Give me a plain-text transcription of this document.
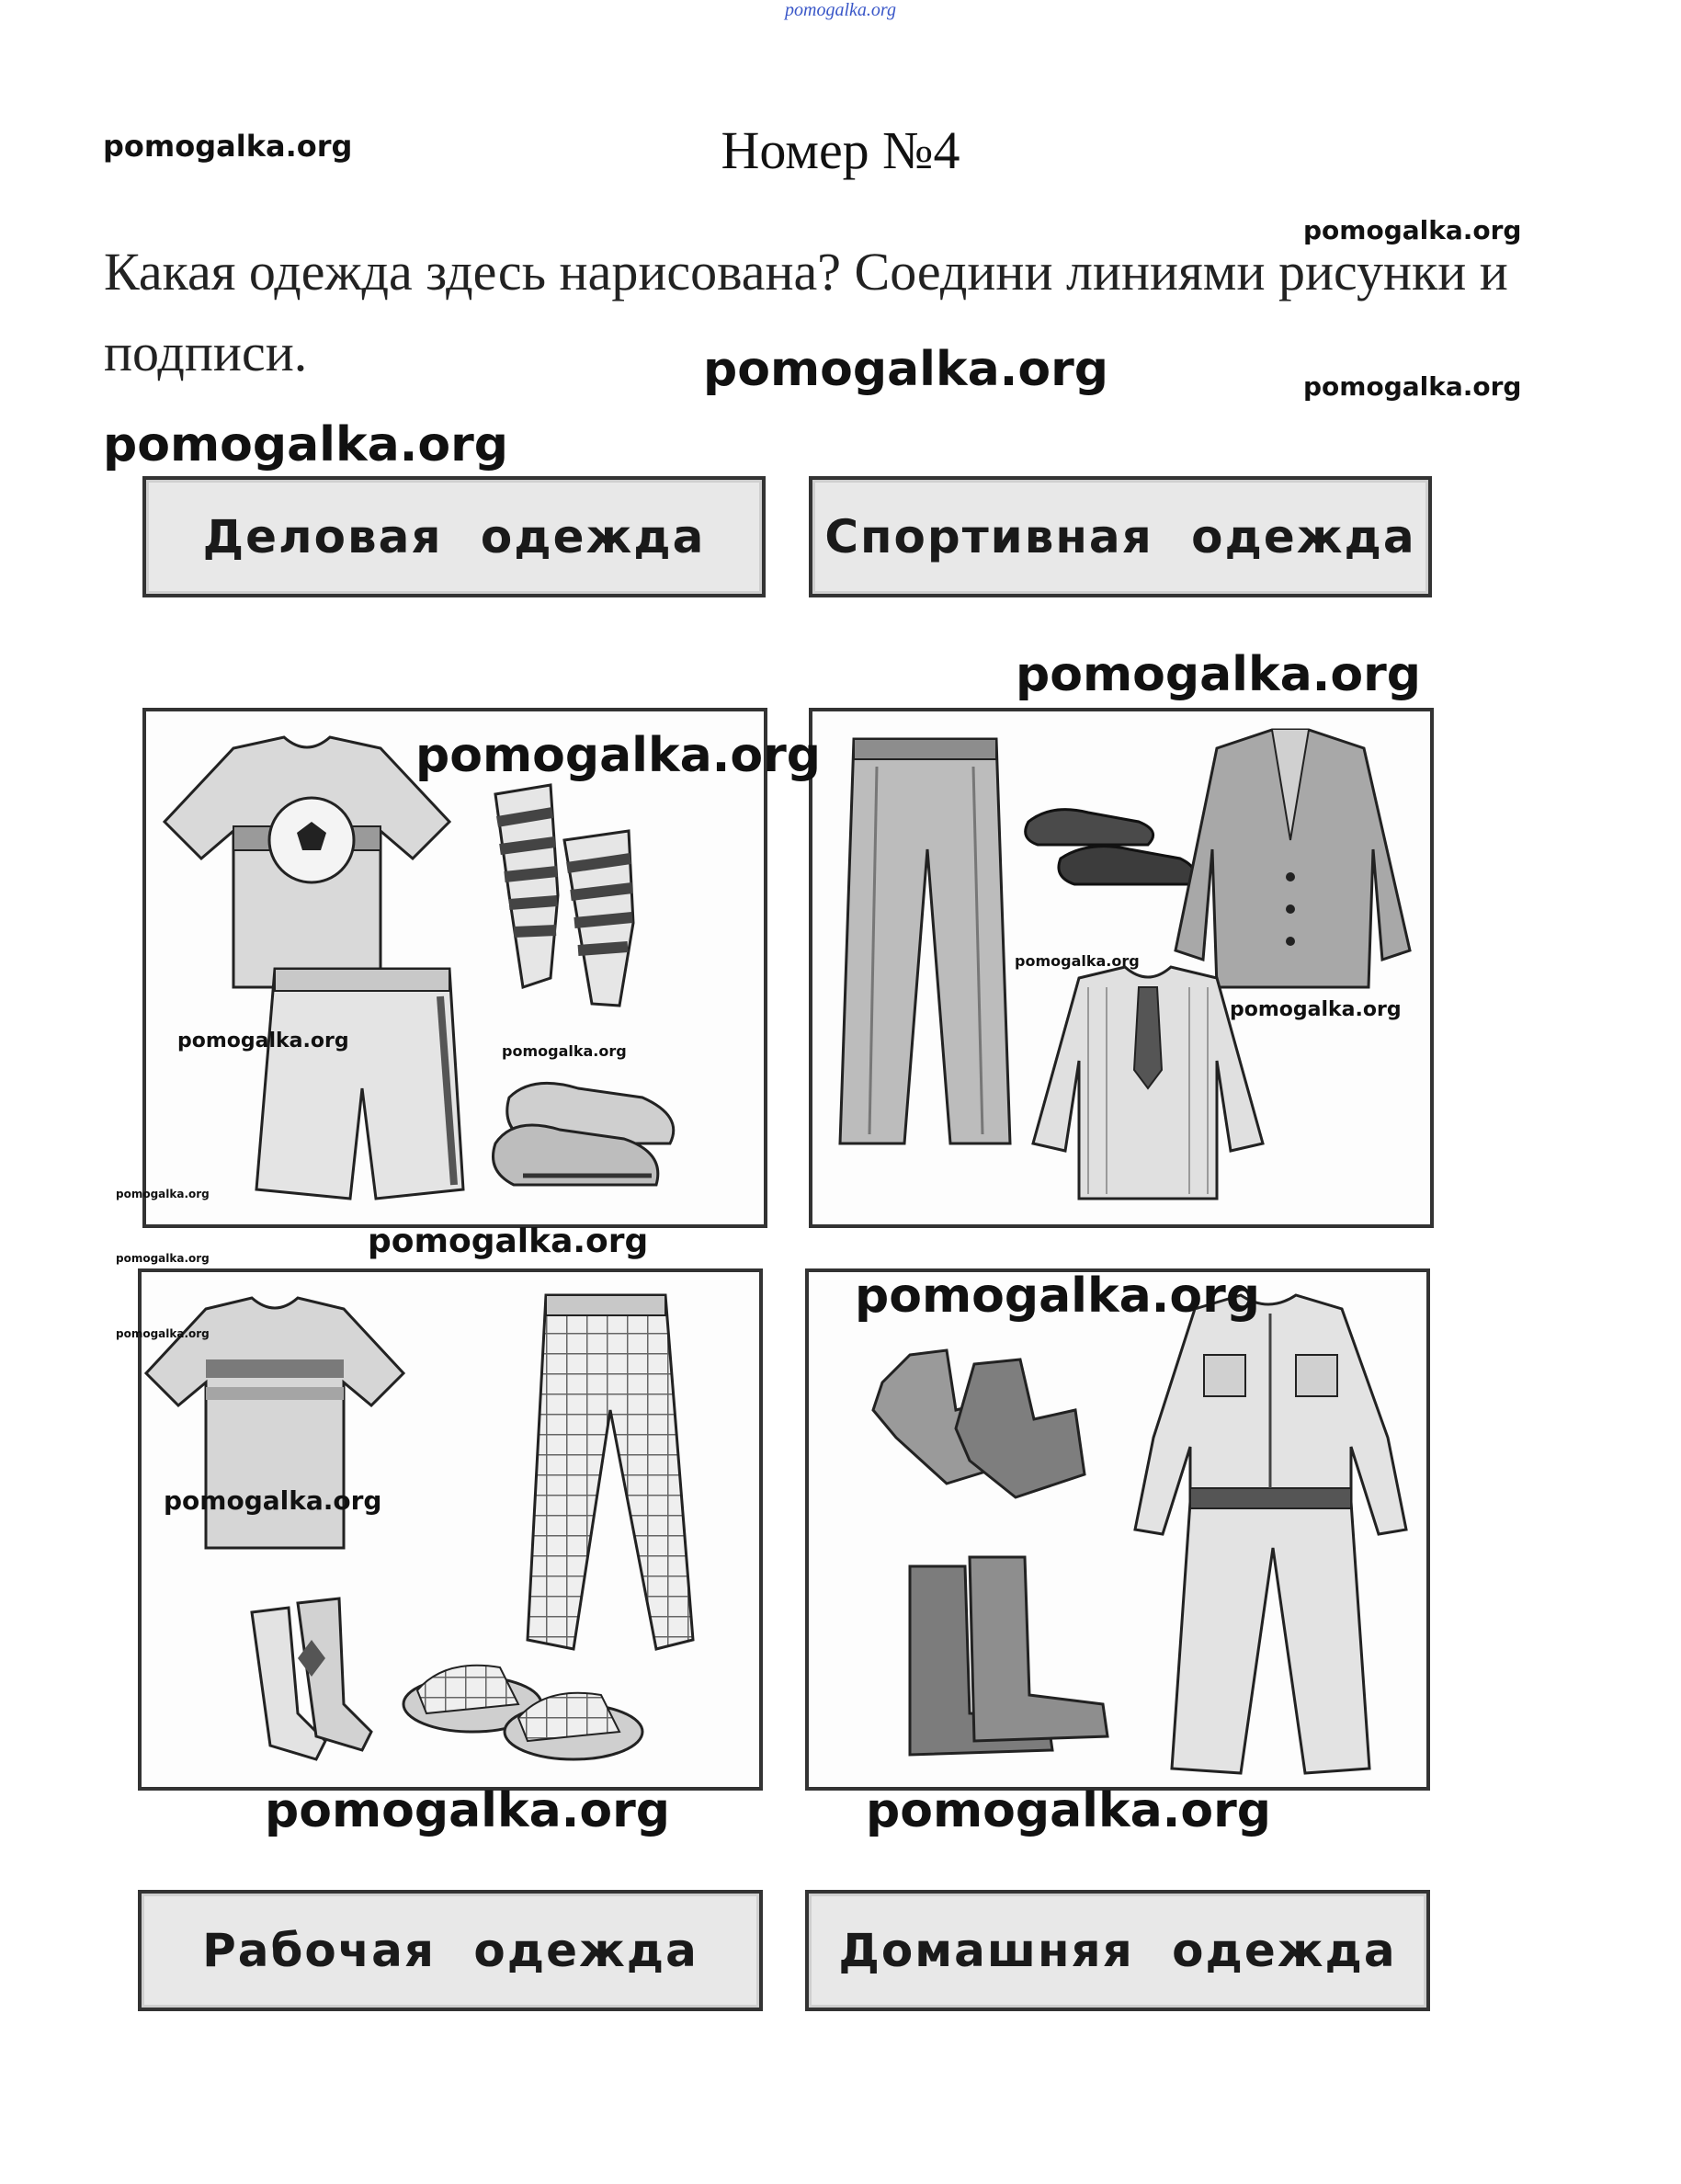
pomogalka.org
Номер №4
Какая одежда здесь нарисована? Соедини линиями рисунки и подписи.
Деловая одежда	Спортивная одежда
Рабочая одежда	Домашняя одежда
pomogalka.org
pomogalka.org
pomogalka.org	pomogalka.org
pomogalka.org
pomogalka.org
pomogalka.org
pomogalka.org
pomogalka.org
pomogalka.org	pomogalka.org
pomogalka.org
pomogalka.org
pomogalka.org
pomogalka.org
pomogalka.org
pomogalka.org
pomogalka.org	pomogalka.org
